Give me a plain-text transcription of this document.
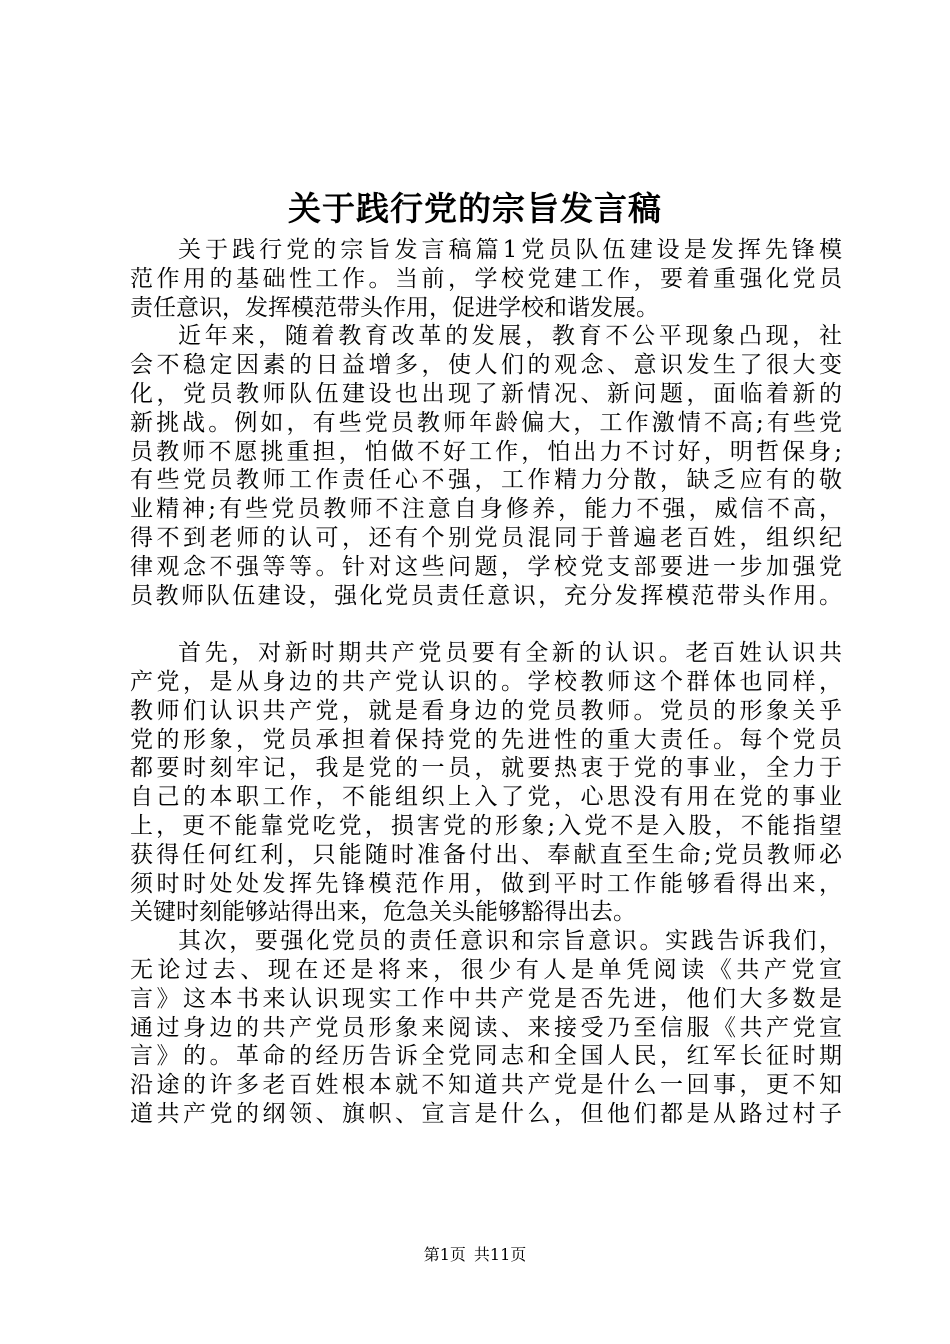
关于践行党的宗旨发言稿
关于践行党的宗旨发言稿篇1党员队伍建设是发挥先锋模
范作用的基础性工作。当前，学校党建工作，要着重强化党员
责任意识，发挥模范带头作用，促进学校和谐发展。
近年来，随着教育改革的发展，教育不公平现象凸现，社
会不稳定因素的日益增多，使人们的观念、意识发生了很大变
化，党员教师队伍建设也出现了新情况、新问题，面临着新的
新挑战。例如，有些党员教师年龄偏大，工作激情不高;有些党
员教师不愿挑重担，怕做不好工作，怕出力不讨好，明哲保身;
有些党员教师工作责任心不强，工作精力分散，缺乏应有的敬
业精神;有些党员教师不注意自身修养，能力不强，威信不高，
得不到老师的认可，还有个别党员混同于普遍老百姓，组织纪
律观念不强等等。针对这些问题，学校党支部要进一步加强党
员教师队伍建设，强化党员责任意识，充分发挥模范带头作用。
首先，对新时期共产党员要有全新的认识。老百姓认识共
产党，是从身边的共产党认识的。学校教师这个群体也同样，
教师们认识共产党，就是看身边的党员教师。党员的形象关乎
党的形象，党员承担着保持党的先进性的重大责任。每个党员
都要时刻牢记，我是党的一员，就要热衷于党的事业，全力于
自己的本职工作，不能组织上入了党，心思没有用在党的事业
上，更不能靠党吃党，损害党的形象;入党不是入股，不能指望
获得任何红利，只能随时准备付出、奉献直至生命;党员教师必
须时时处处发挥先锋模范作用，做到平时工作能够看得出来，
关键时刻能够站得出来，危急关头能够豁得出去。
其次，要强化党员的责任意识和宗旨意识。实践告诉我们，
无论过去、现在还是将来，很少有人是单凭阅读《共产党宣
言》这本书来认识现实工作中共产党是否先进，他们大多数是
通过身边的共产党员形象来阅读、来接受乃至信服《共产党宣
言》的。革命的经历告诉全党同志和全国人民，红军长征时期
沿途的许多老百姓根本就不知道共产党是什么一回事，更不知
道共产党的纲领、旗帜、宣言是什么，但他们都是从路过村子
第1页 共11页
